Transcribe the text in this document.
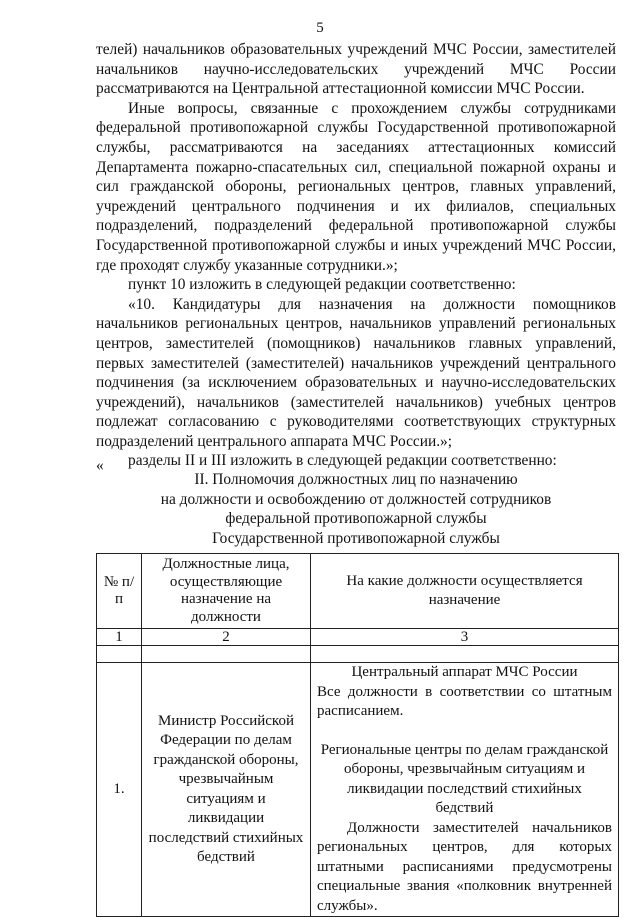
5

телей) начальников образовательных учреждений МЧС России, заместителей начальников научно-исследовательских учреждений МЧС России рассматриваются на Центральной аттестационной комиссии МЧС России.

Иные вопросы, связанные с прохождением службы сотрудниками федеральной противопожарной службы Государственной противопожарной службы, рассматриваются на заседаниях аттестационных комиссий Департамента пожарно-спасательных сил, специальной пожарной охраны и сил гражданской обороны, региональных центров, главных управлений, учреждений центрального подчинения и их филиалов, специальных подразделений, подразделений федеральной противопожарной службы Государственной противопожарной службы и иных учреждений МЧС России, где проходят службу указанные сотрудники.»;

пункт 10 изложить в следующей редакции соответственно:

«10. Кандидатуры для назначения на должности помощников начальников региональных центров, начальников управлений региональных центров, заместителей (помощников) начальников главных управлений, первых заместителей (заместителей) начальников учреждений центрального подчинения (за исключением образовательных и научно-исследовательских учреждений), начальников (заместителей начальников) учебных центров подлежат согласованию с руководителями соответствующих структурных подразделений центрального аппарата МЧС России.»;

разделы II и III изложить в следующей редакции соответственно:

«
II. Полномочия должностных лиц по назначению
на должности и освобождению от должностей сотрудников
федеральной противопожарной службы
Государственной противопожарной службы
№ п/п	Должностные лица, осуществляющие назначение на должности	На какие должности осуществляется назначение
1	2	3

1.	Министр Российской Федерации по делам гражданской обороны, чрезвычайным ситуациям и ликвидации последствий стихийных бедствий	Центральный аппарат МЧС России

Все должности в соответствии со штатным расписанием.

Региональные центры по делам гражданской обороны, чрезвычайным ситуациям и ликвидации последствий стихийных бедствий

Должности заместителей начальников региональных центров, для которых штатными расписаниями предусмотрены специальные звания «полковник внутренней службы».
